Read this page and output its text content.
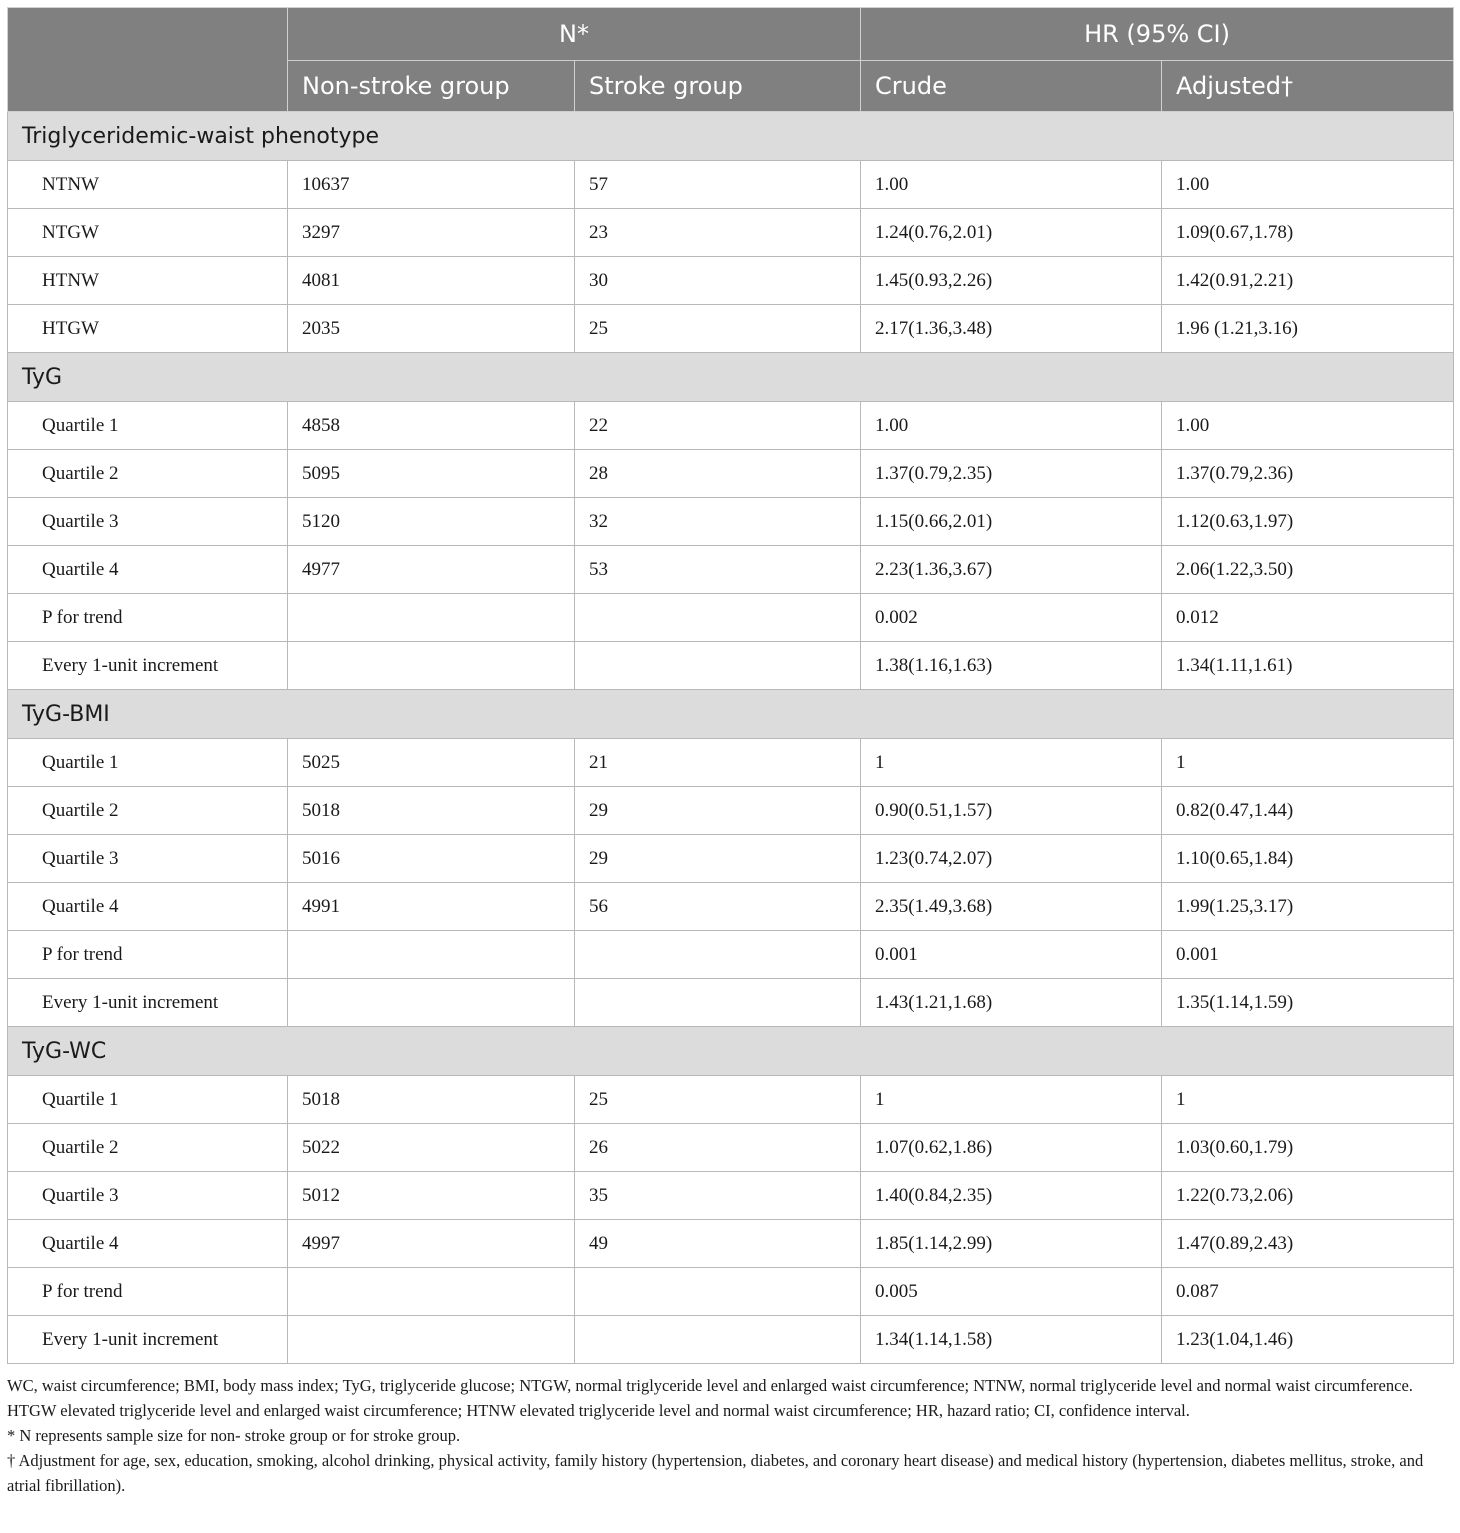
	N*		HR (95% CI)	
	Non-stroke group	Stroke group	Crude	Adjusted†
Triglyceridemic-waist phenotype				
NTNW	10637	57	1.00	1.00
NTGW	3297	23	1.24(0.76,2.01)	1.09(0.67,1.78)
HTNW	4081	30	1.45(0.93,2.26)	1.42(0.91,2.21)
HTGW	2035	25	2.17(1.36,3.48)	1.96 (1.21,3.16)
TyG				
Quartile 1	4858	22	1.00	1.00
Quartile 2	5095	28	1.37(0.79,2.35)	1.37(0.79,2.36)
Quartile 3	5120	32	1.15(0.66,2.01)	1.12(0.63,1.97)
Quartile 4	4977	53	2.23(1.36,3.67)	2.06(1.22,3.50)
P for trend			0.002	0.012
Every 1-unit increment			1.38(1.16,1.63)	1.34(1.11,1.61)
TyG-BMI				
Quartile 1	5025	21	1	1
Quartile 2	5018	29	0.90(0.51,1.57)	0.82(0.47,1.44)
Quartile 3	5016	29	1.23(0.74,2.07)	1.10(0.65,1.84)
Quartile 4	4991	56	2.35(1.49,3.68)	1.99(1.25,3.17)
P for trend			0.001	0.001
Every 1-unit increment			1.43(1.21,1.68)	1.35(1.14,1.59)
TyG-WC				
Quartile 1	5018	25	1	1
Quartile 2	5022	26	1.07(0.62,1.86)	1.03(0.60,1.79)
Quartile 3	5012	35	1.40(0.84,2.35)	1.22(0.73,2.06)
Quartile 4	4997	49	1.85(1.14,2.99)	1.47(0.89,2.43)
P for trend			0.005	0.087
Every 1-unit increment			1.34(1.14,1.58)	1.23(1.04,1.46)

WC, waist circumference; BMI, body mass index; TyG, triglyceride glucose; NTGW, normal triglyceride level and enlarged waist circumference; NTNW, normal triglyceride level and normal waist circumference. HTGW elevated triglyceride level and enlarged waist circumference; HTNW elevated triglyceride level and normal waist circumference; HR, hazard ratio; CI, confidence interval.

* N represents sample size for non- stroke group or for stroke group.

† Adjustment for age, sex, education, smoking, alcohol drinking, physical activity, family history (hypertension, diabetes, and coronary heart disease) and medical history (hypertension, diabetes mellitus, stroke, and atrial fibrillation).
